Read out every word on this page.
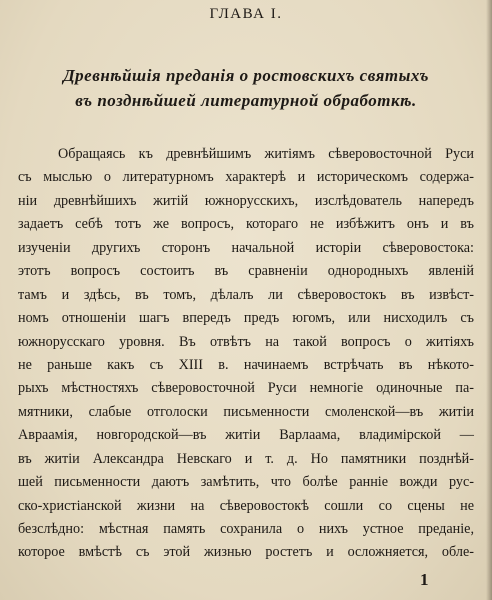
ГЛАВА I.
Древнѣйшія преданія о ростовскихъ святыхъ
въ позднѣйшей литературной обработкѣ.
Обращаясь къ древнѣйшимъ житіямъ сѣверовосточной Руси
съ мыслью о литературномъ характерѣ и историческомъ содержа-
ніи древнѣйшихъ житій южнорусскихъ, изслѣдователь напередъ
задаетъ себѣ тотъ же вопросъ, котораго не избѣжитъ онъ и въ
изученіи другихъ сторонъ начальной исторіи сѣверовостока:
этотъ вопросъ состоитъ въ сравненіи однородныхъ явленій
тамъ и здѣсь, въ томъ, дѣлалъ ли сѣверовостокъ въ извѣст-
номъ отношеніи шагъ впередъ предъ югомъ, или нисходилъ съ
южнорусскаго уровня. Въ отвѣтъ на такой вопросъ о житіяхъ
не раньше какъ съ XIII в. начинаемъ встрѣчать въ нѣкото-
рыхъ мѣстностяхъ сѣверовосточной Руси немногіе одиночные па-
мятники, слабые отголоски письменности смоленской—въ житіи
Авраамія, новгородской—въ житіи Варлаама, владимірской —
въ житіи Александра Невскаго и т. д. Но памятники позднѣй-
шей письменности даютъ замѣтить, что болѣе ранніе вожди рус-
ско-христіанской жизни на сѣверовостокѣ сошли со сцены не
безслѣдно: мѣстная память сохранила о нихъ устное преданіе,
которое вмѣстѣ съ этой жизнью ростетъ и осложняется, обле-
1
